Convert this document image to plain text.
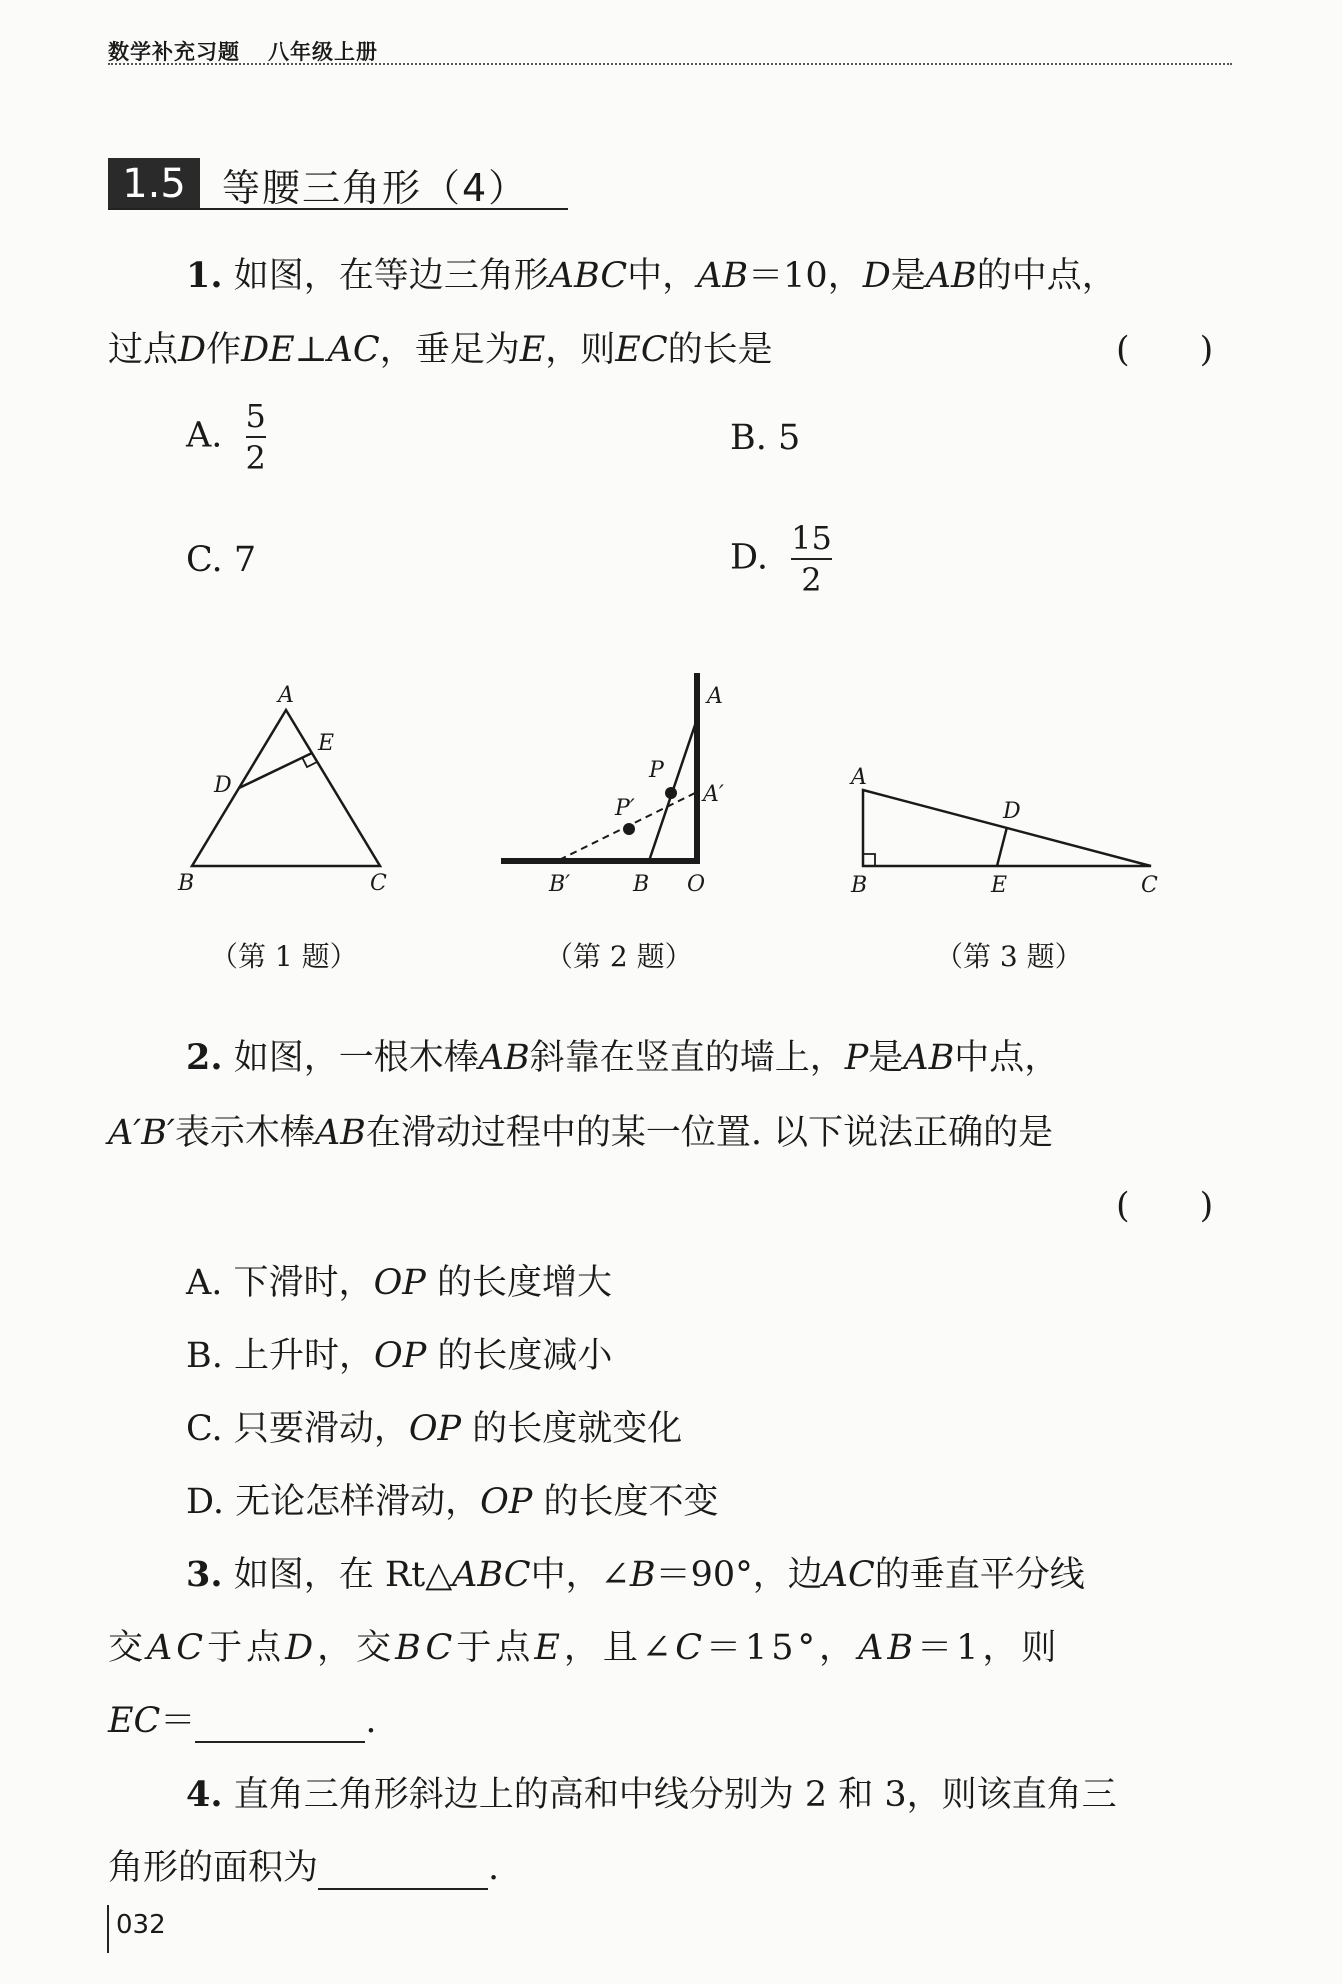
数学补充习题 八年级上册
1.5 等腰三角形（4）
1. 如图，在等边三角形ABC中，AB＝10，D是AB的中点，
过点D作DE⊥AC，垂足为E，则EC的长是	(　　)
A. $\frac{5}{2}$	B. 5
C. 7	D. $\frac{15}{2}$
A
B	C
D
E
（第 1 题）
A
P
A′
P′
B′	B O
（第 2 题）
A
D
B	E	C
（第 3 题）
2. 如图，一根木棒AB斜靠在竖直的墙上，P是AB中点，
A′B′表示木棒AB在滑动过程中的某一位置. 以下说法正确的是
(　　)
A. 下滑时，OP 的长度增大
B. 上升时，OP 的长度减小
C. 只要滑动，OP 的长度就变化
D. 无论怎样滑动，OP 的长度不变
3. 如图，在 Rt△ABC中，∠B＝90°，边AC的垂直平分线
交AC于点D，交BC于点E，且∠C＝15°，AB＝1，则
EC＝	.
4. 直角三角形斜边上的高和中线分别为 2 和 3，则该直角三
角形的面积为	.
032
